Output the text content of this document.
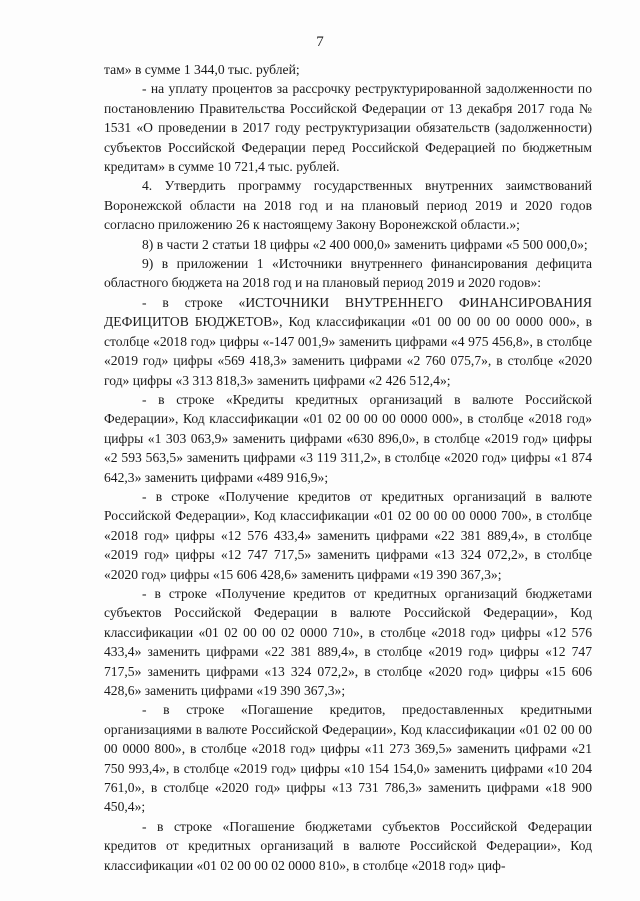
7

там» в сумме 1 344,0 тыс. рублей;

- на уплату процентов за рассрочку реструктурированной задолженности по постановлению Правительства Российской Федерации от 13 декабря 2017 года № 1531 «О проведении в 2017 году реструктуризации обязательств (задолженности) субъектов Российской Федерации перед Российской Федерацией по бюджетным кредитам» в сумме 10 721,4 тыс. рублей.

4. Утвердить программу государственных внутренних заимствований Воронежской области на 2018 год и на плановый период 2019 и 2020 годов согласно приложению 26 к настоящему Закону Воронежской области.»;

8) в части 2 статьи 18 цифры «2 400 000,0» заменить цифрами «5 500 000,0»;

9) в приложении 1 «Источники внутреннего финансирования дефицита областного бюджета на 2018 год и на плановый период 2019 и 2020 годов»:

- в строке «ИСТОЧНИКИ ВНУТРЕННЕГО ФИНАНСИРОВАНИЯ ДЕФИЦИТОВ БЮДЖЕТОВ», Код классификации «01 00 00 00 00 0000 000», в столбце «2018 год» цифры «-147 001,9» заменить цифрами «4 975 456,8», в столбце «2019 год» цифры «569 418,3» заменить цифрами «2 760 075,7», в столбце «2020 год» цифры «3 313 818,3» заменить цифрами «2 426 512,4»;

- в строке «Кредиты кредитных организаций в валюте Российской Федерации», Код классификации «01 02 00 00 00 0000 000», в столбце «2018 год» цифры «1 303 063,9» заменить цифрами «630 896,0», в столбце «2019 год» цифры «2 593 563,5» заменить цифрами «3 119 311,2», в столбце «2020 год» цифры «1 874 642,3» заменить цифрами «489 916,9»;

- в строке «Получение кредитов от кредитных организаций в валюте Российской Федерации», Код классификации «01 02 00 00 00 0000 700», в столбце «2018 год» цифры «12 576 433,4» заменить цифрами «22 381 889,4», в столбце «2019 год» цифры «12 747 717,5» заменить цифрами «13 324 072,2», в столбце «2020 год» цифры «15 606 428,6» заменить цифрами «19 390 367,3»;

- в строке «Получение кредитов от кредитных организаций бюджетами субъектов Российской Федерации в валюте Российской Федерации», Код классификации «01 02 00 00 02 0000 710», в столбце «2018 год» цифры «12 576 433,4» заменить цифрами «22 381 889,4», в столбце «2019 год» цифры «12 747 717,5» заменить цифрами «13 324 072,2», в столбце «2020 год» цифры «15 606 428,6» заменить цифрами «19 390 367,3»;

- в строке «Погашение кредитов, предоставленных кредитными организациями в валюте Российской Федерации», Код классификации «01 02 00 00 00 0000 800», в столбце «2018 год» цифры «11 273 369,5» заменить цифрами «21 750 993,4», в столбце «2019 год» цифры «10 154 154,0» заменить цифрами «10 204 761,0», в столбце «2020 год» цифры «13 731 786,3» заменить цифрами «18 900 450,4»;

- в строке «Погашение бюджетами субъектов Российской Федерации кредитов от кредитных организаций в валюте Российской Федерации», Код классификации «01 02 00 00 02 0000 810», в столбце «2018 год» циф-
